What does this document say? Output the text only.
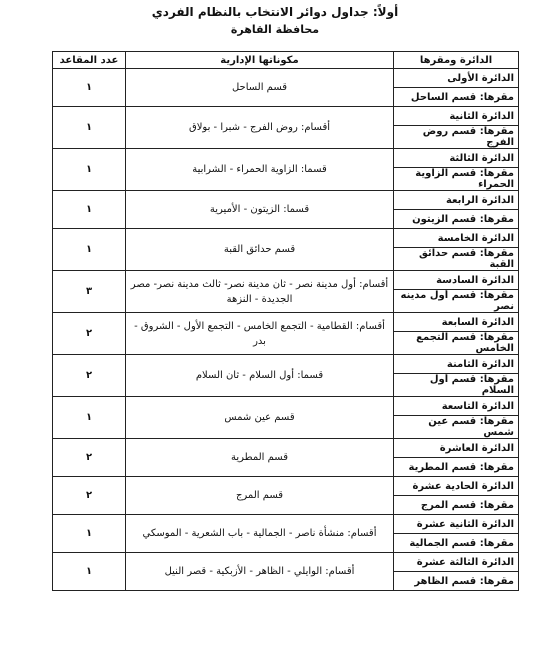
أولاً: جداول دوائر الانتخاب بالنظام الفردي
محافظة القاهرة
الدائرة ومقرها	مكوناتها الإدارية	عدد المقاعد
الدائرة الأولى	قسم الساحل	١
مقرها: قسم الساحل		
الدائرة الثانية	أقسام: روض الفرج - شبرا - بولاق	١
مقرها: قسم روض الفرج		
الدائرة الثالثة	قسما: الزاوية الحمراء - الشرابية	١
مقرها: قسم الزاوية الحمراء		
الدائرة الرابعة	قسما: الزيتون - الأميرية	١
مقرها: قسم الزيتون		
الدائرة الخامسة	قسم حدائق القبة	١
مقرها: قسم حدائق القبة		
الدائرة السادسة	أقسام: أول مدينة نصر - ثان مدينة نصر- ثالث مدينة نصر- مصر الجديدة - النزهة	٣
مقرها: قسم أول مدينه نصر		
الدائرة السابعة	أقسام: القطامية - التجمع الخامس - التجمع الأول - الشروق - بدر	٢
مقرها: قسم التجمع الخامس		
الدائرة الثامنة	قسما: أول السلام - ثان السلام	٢
مقرها: قسم أول السلام		
الدائرة التاسعة	قسم عين شمس	١
مقرها: قسم عين شمس		
الدائرة العاشرة	قسم المطرية	٢
مقرها: قسم المطرية		
الدائرة الحادية عشرة	قسم المرج	٢
مقرها: قسم المرج		
الدائرة الثانية عشرة	أقسام: منشأة ناصر - الجمالية - باب الشعرية - الموسكي	١
مقرها: قسم الجمالية		
الدائرة الثالثة عشرة	أقسام: الوايلي - الظاهر - الأزبكية - قصر النيل	١
مقرها: قسم الظاهر		
